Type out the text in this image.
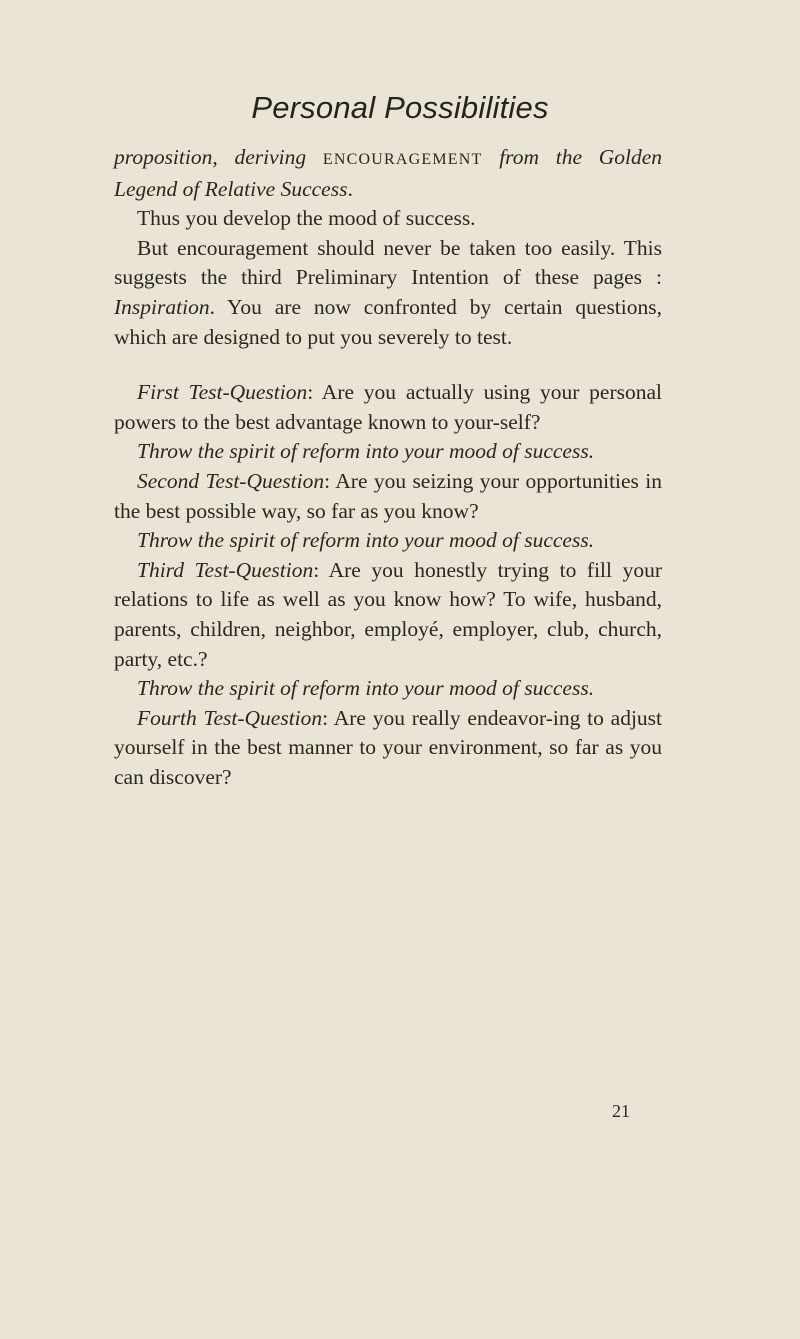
Personal Possibilities

proposition, deriving ENCOURAGEMENT from the Golden Legend of Relative Success.

Thus you develop the mood of success.

But encouragement should never be taken too easily. This suggests the third Preliminary Intention of these pages : Inspiration. You are now confronted by certain questions, which are designed to put you severely to test.

First Test-Question: Are you actually using your personal powers to the best advantage known to your-self?

Throw the spirit of reform into your mood of success.

Second Test-Question: Are you seizing your opportunities in the best possible way, so far as you know?

Throw the spirit of reform into your mood of success.

Third Test-Question: Are you honestly trying to fill your relations to life as well as you know how? To wife, husband, parents, children, neighbor, employé, employer, club, church, party, etc.?

Throw the spirit of reform into your mood of success.

Fourth Test-Question: Are you really endeavor-ing to adjust yourself in the best manner to your environment, so far as you can discover?

21
